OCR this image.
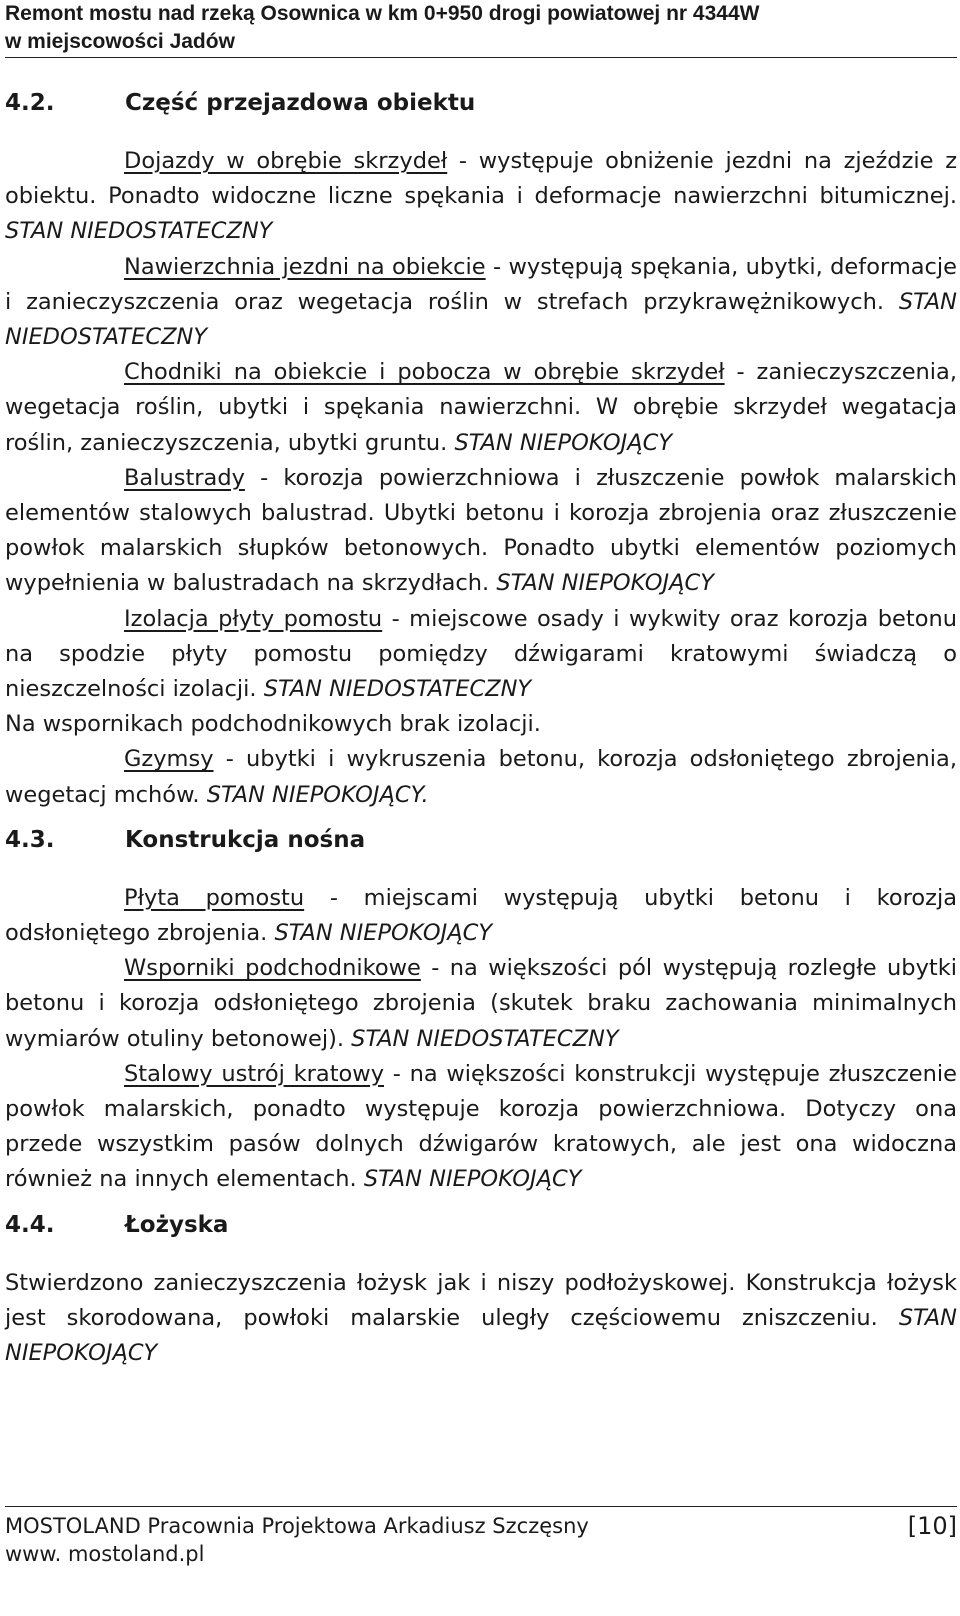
Remont mostu nad rzeką Osownica w km 0+950 drogi powiatowej nr 4344W
w miejscowości Jadów
4.2.	Część przejazdowa obiektu

Dojazdy w obrębie skrzydeł - występuje obniżenie jezdni na zjeździe z obiektu. Ponadto widoczne liczne spękania i deformacje nawierzchni bitumicznej. STAN NIEDOSTATECZNY

Nawierzchnia jezdni na obiekcie - występują spękania, ubytki, deformacje i zanieczyszczenia oraz wegetacja roślin w strefach przykrawężnikowych. STAN NIEDOSTATECZNY

Chodniki na obiekcie i pobocza w obrębie skrzydeł - zanieczyszczenia, wegetacja roślin, ubytki i spękania nawierzchni. W obrębie skrzydeł wegatacja roślin, zanieczyszczenia, ubytki gruntu. STAN NIEPOKOJĄCY

Balustrady - korozja powierzchniowa i złuszczenie powłok malarskich elementów stalowych balustrad. Ubytki betonu i korozja zbrojenia oraz złuszczenie powłok malarskich słupków betonowych. Ponadto ubytki elementów poziomych wypełnienia w balustradach na skrzydłach. STAN NIEPOKOJĄCY

Izolacja płyty pomostu - miejscowe osady i wykwity oraz korozja betonu na spodzie płyty pomostu pomiędzy dźwigarami kratowymi świadczą o nieszczelności izolacji. STAN NIEDOSTATECZNY

Na wspornikach podchodnikowych brak izolacji.

Gzymsy - ubytki i wykruszenia betonu, korozja odsłoniętego zbrojenia, wegetacj mchów. STAN NIEPOKOJĄCY.

4.3.	Konstrukcja nośna

Płyta pomostu - miejscami występują ubytki betonu i korozja odsłoniętego zbrojenia. STAN NIEPOKOJĄCY

Wsporniki podchodnikowe - na większości pól występują rozległe ubytki betonu i korozja odsłoniętego zbrojenia (skutek braku zachowania minimalnych wymiarów otuliny betonowej). STAN NIEDOSTATECZNY

Stalowy ustrój kratowy - na większości konstrukcji występuje złuszczenie powłok malarskich, ponadto występuje korozja powierzchniowa. Dotyczy ona przede wszystkim pasów dolnych dźwigarów kratowych, ale jest ona widoczna również na innych elementach. STAN NIEPOKOJĄCY

4.4.	Łożyska

Stwierdzono zanieczyszczenia łożysk jak i niszy podłożyskowej. Konstrukcja łożysk jest skorodowana, powłoki malarskie uległy częściowemu zniszczeniu. STAN NIEPOKOJĄCY

MOSTOLAND Pracownia Projektowa Arkadiusz Szczęsny	[10]
www. mostoland.pl
